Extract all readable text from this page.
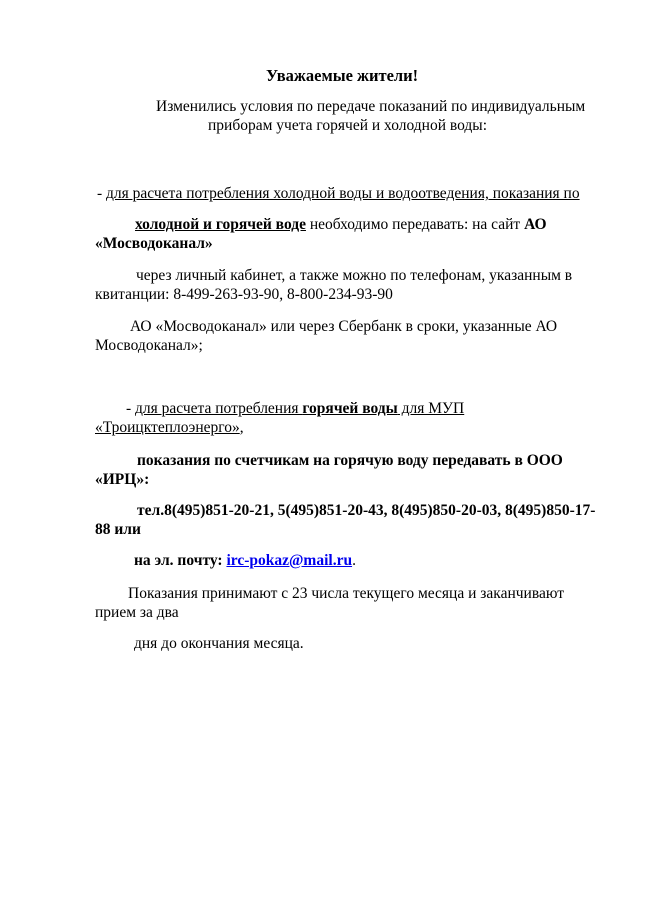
Уважаемые жители!
Изменились условия по передаче показаний по индивидуальным
приборам учета горячей и холодной воды:
- для расчета потребления холодной воды и водоотведения, показания по
холодной и горячей воде необходимо передавать: на сайт АО
«Мосводоканал»
через личный кабинет, а также можно по телефонам, указанным в
квитанции: 8-499-263-93-90, 8-800-234-93-90
АО «Мосводоканал» или через Сбербанк в сроки, указанные АО
Мосводоканал»;
- для расчета потребления горячей воды для МУП
«Троицктеплоэнерго»,
показания по счетчикам на горячую воду передавать в ООО
«ИРЦ»:
тел.8(495)851-20-21, 5(495)851-20-43, 8(495)850-20-03, 8(495)850-17-
88 или
на эл. почту: irc-pokaz@mail.ru.
Показания принимают с 23 числа текущего месяца и заканчивают
прием за два
дня до окончания месяца.
